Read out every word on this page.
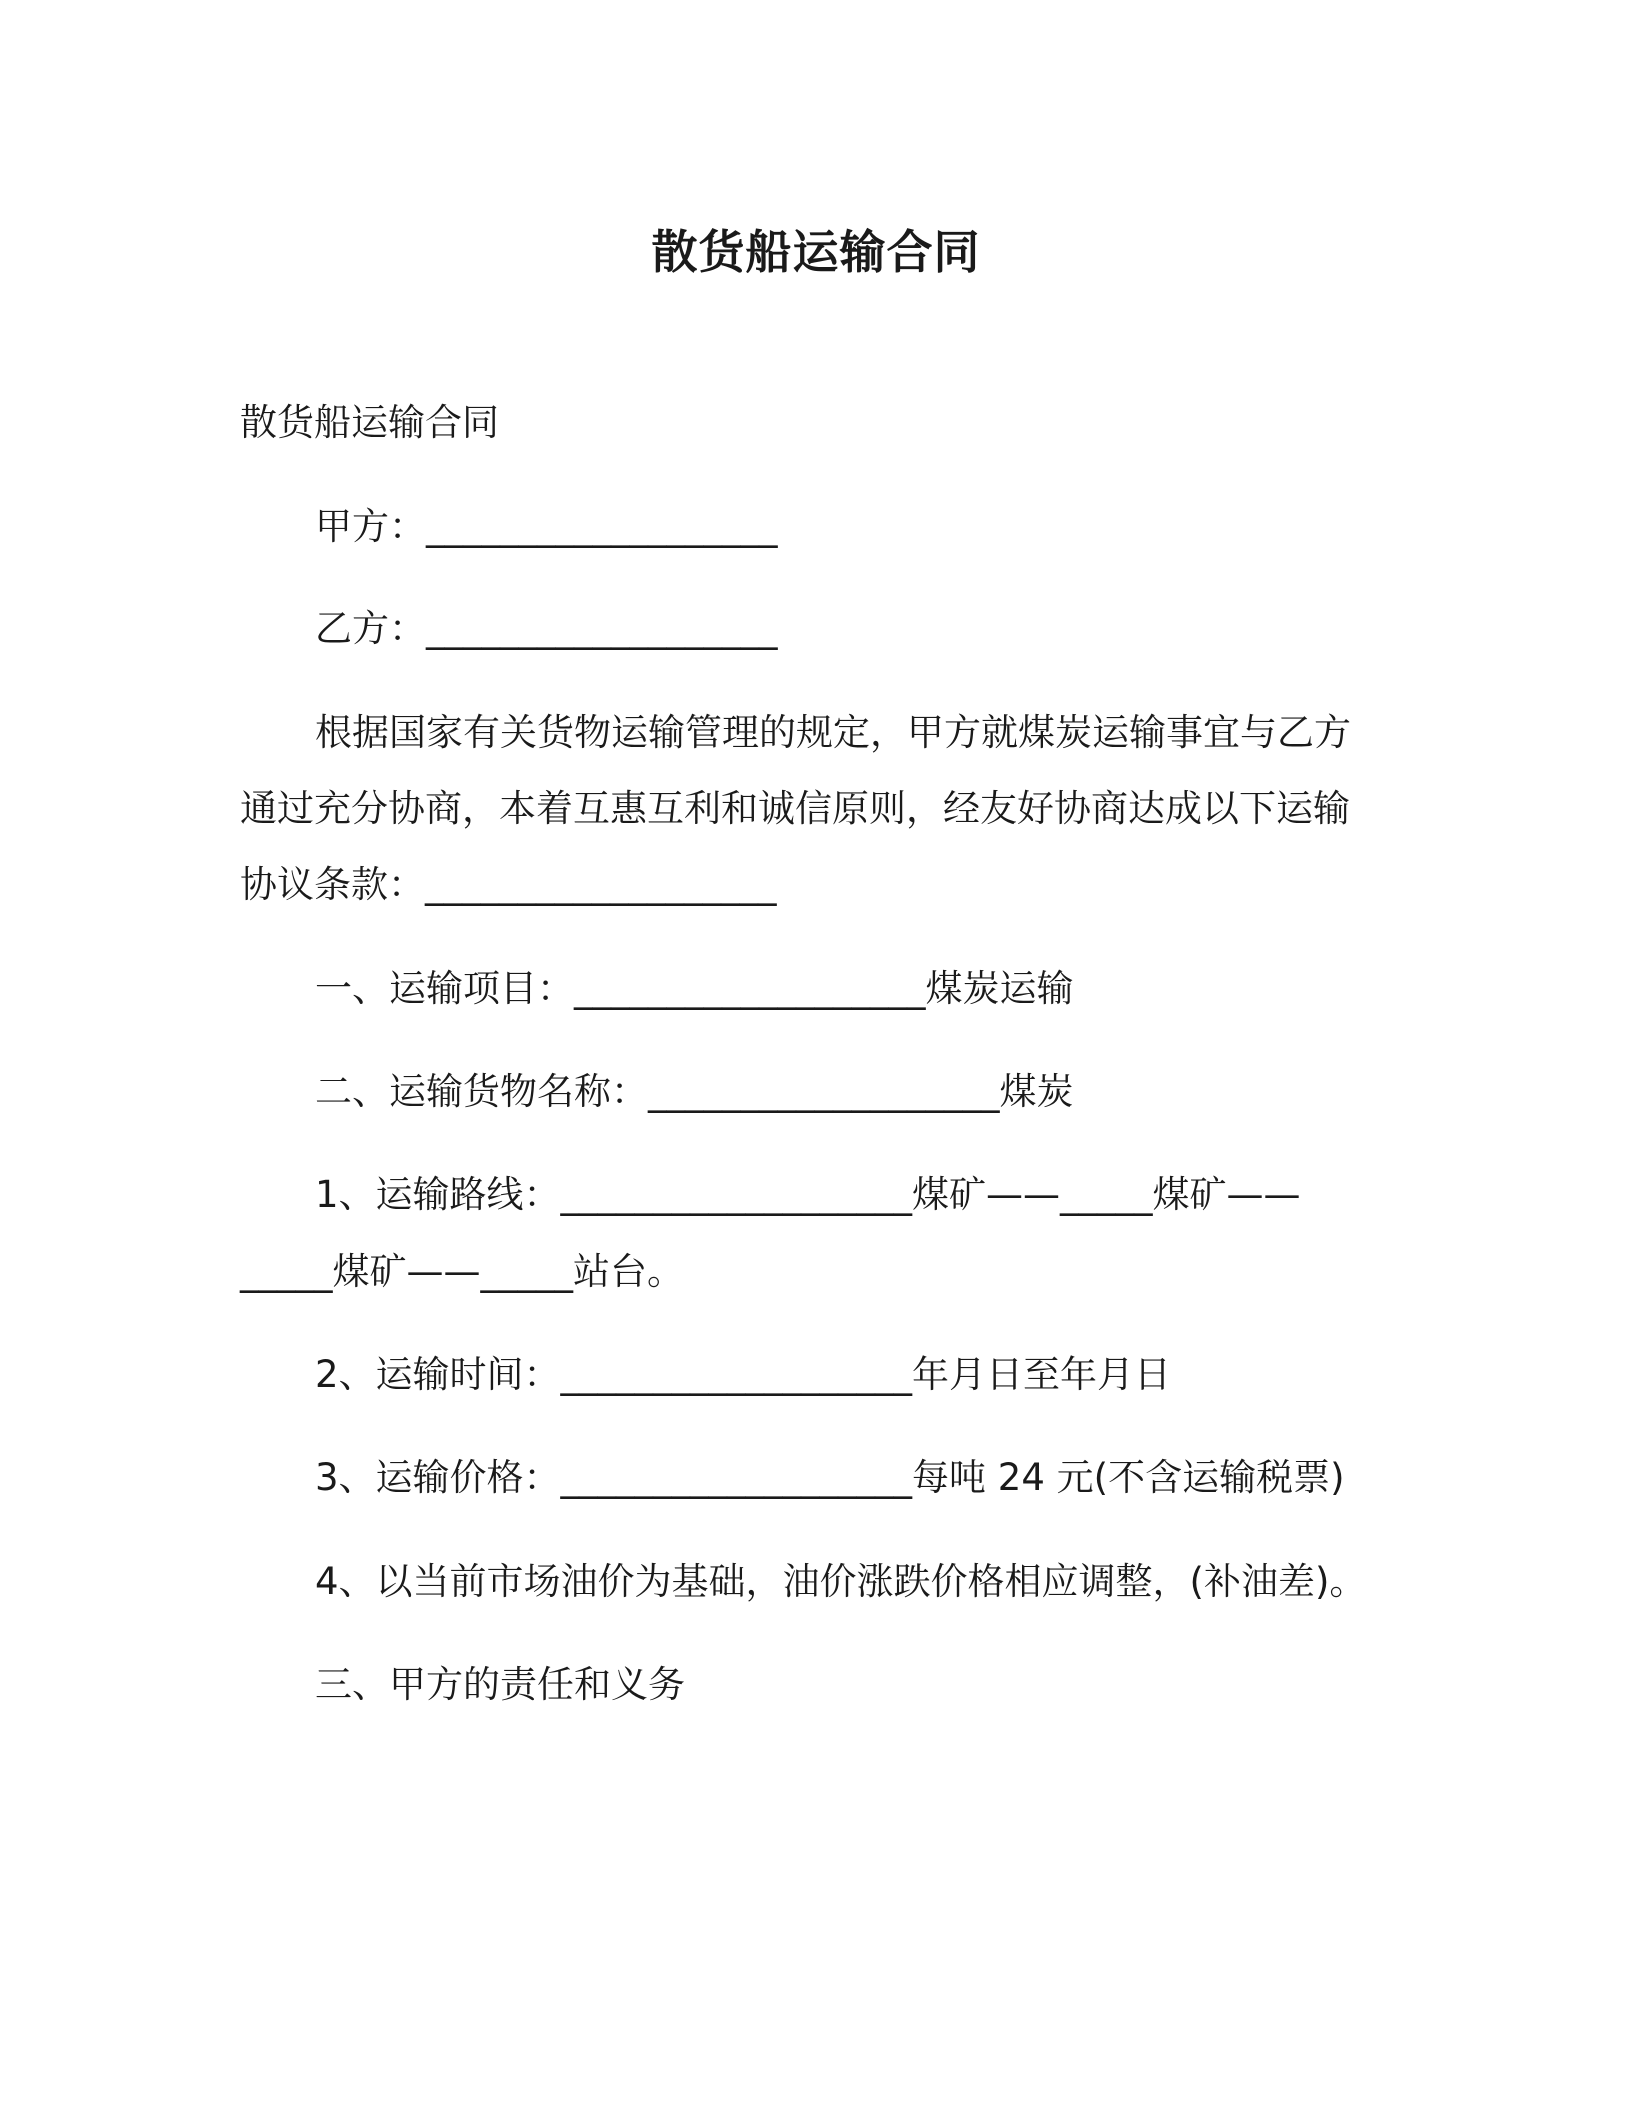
散货船运输合同
散货船运输合同
甲方：___________________
乙方：___________________
根据国家有关货物运输管理的规定，甲方就煤炭运输事宜与乙方
通过充分协商，本着互惠互利和诚信原则，经友好协商达成以下运输
协议条款：___________________
一、运输项目：___________________煤炭运输
二、运输货物名称：___________________煤炭
1、运输路线：___________________煤矿——_____煤矿——
_____煤矿——_____站台。
2、运输时间：___________________年月日至年月日
3、运输价格：___________________每吨 24 元(不含运输税票)
4、以当前市场油价为基础，油价涨跌价格相应调整，(补油差)。
三、甲方的责任和义务
